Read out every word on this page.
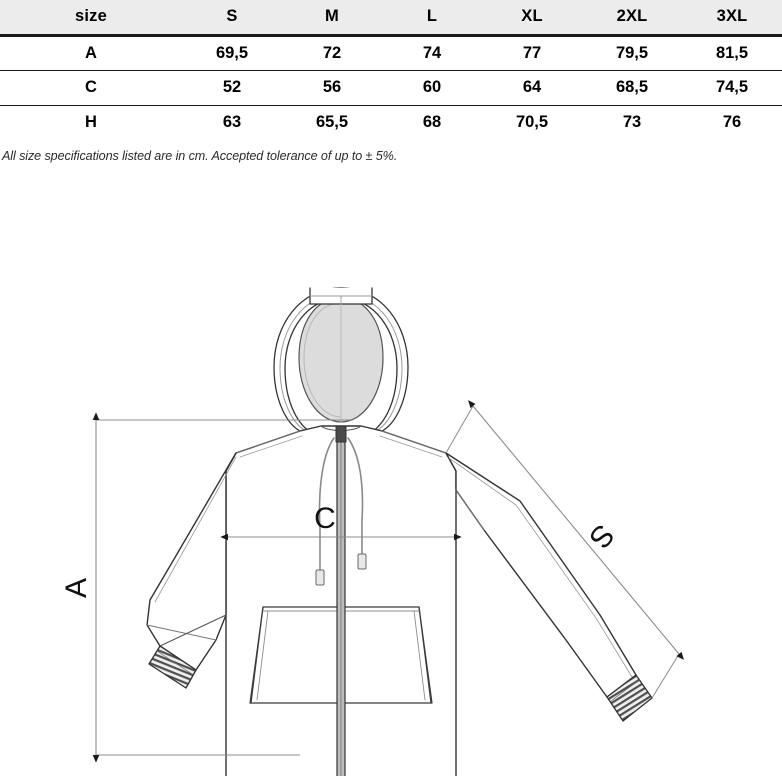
size	S	M	L	XL	2XL	3XL
A	69,5	72	74	77	79,5	81,5
C	52	56	60	64	68,5	74,5
H	63	65,5	68	70,5	73	76
All size specifications listed are in cm. Accepted tolerance of up to ± 5%.
A
C	S
